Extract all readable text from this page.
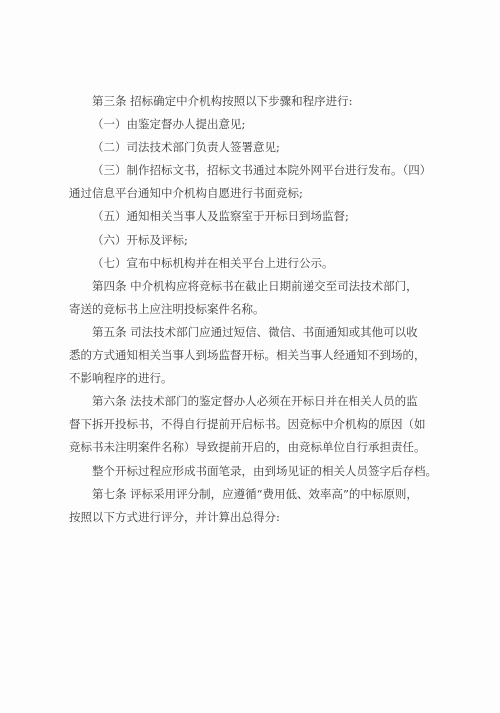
第三条 招标确定中介机构按照以下步骤和程序进行:

（一）由鉴定督办人提出意见;

（二）司法技术部门负责人签署意见;

（三）制作招标文书，招标文书通过本院外网平台进行发布。（四）

通过信息平台通知中介机构自愿进行书面竞标;

（五）通知相关当事人及监察室于开标日到场监督;

（六）开标及评标;

（七）宣布中标机构并在相关平台上进行公示。

第四条 中介机构应将竞标书在截止日期前递交至司法技术部门，

寄送的竞标书上应注明投标案件名称。

第五条 司法技术部门应通过短信、微信、书面通知或其他可以收

悉的方式通知相关当事人到场监督开标。相关当事人经通知不到场的，

不影响程序的进行。

第六条 法技术部门的鉴定督办人必须在开标日并在相关人员的监

督下拆开投标书，不得自行提前开启标书。因竞标中介机构的原因（如

竞标书未注明案件名称）导致提前开启的，由竞标单位自行承担责任。

整个开标过程应形成书面笔录，由到场见证的相关人员签字后存档。

第七条 评标采用评分制，应遵循“费用低、效率高”的中标原则，

按照以下方式进行评分，并计算出总得分:
